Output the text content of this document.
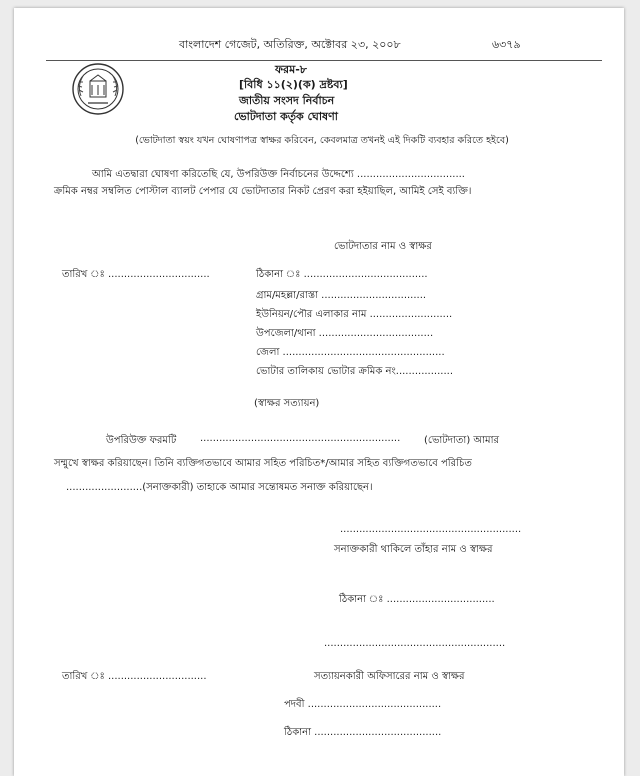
বাংলাদেশ গেজেট, অতিরিক্ত, অক্টোবর ২৩, ২০০৮	৬৩৭৯
ফরম-৮
[বিধি ১১(২)(ক) দ্রষ্টব্য]
জাতীয় সংসদ নির্বাচন
ভোটদাতা কর্তৃক ঘোষণা
(ভোটদাতা স্বয়ং যখন ঘোষণাপত্র স্বাক্ষর করিবেন, কেবলমাত্র তখনই এই দিকটি ব্যবহার করিতে হইবে)
আমি এতদ্বারা ঘোষণা করিতেছি যে, উপরিউক্ত নির্বাচনের উদ্দেশ্যে ..................................
ক্রমিক নম্বর সম্বলিত পোস্টাল ব্যালট পেপার যে ভোটদাতার নিকট প্রেরণ করা হইয়াছিল, আমিই সেই ব্যক্তি।
ভোটদাতার নাম ও স্বাক্ষর
তারিখ ঃ ................................	ঠিকানা ঃ .......................................
গ্রাম/মহল্লা/রাস্তা .................................
ইউনিয়ন/পৌর এলাকার নাম ..........................
উপজেলা/থানা ....................................
জেলা ...................................................
ভোটার তালিকায় ভোটার ক্রমিক নং..................
(স্বাক্ষর সত্যায়ন)
উপরিউক্ত ফরমটি ............................................................... (ভোটদাতা) আমার
সম্মুখে স্বাক্ষর করিয়াছেন। তিনি ব্যক্তিগতভাবে আমার সহিত পরিচিত*/আমার সহিত ব্যক্তিগতভাবে পরিচিত
........................(সনাক্তকারী) তাহাকে আমার সন্তোষমত সনাক্ত করিয়াছেন।
.........................................................
সনাক্তকারী থাকিলে তাঁহার নাম ও স্বাক্ষর
ঠিকানা ঃ ..................................
.........................................................
তারিখ ঃ ...............................	সত্যায়নকারী অফিসারের নাম ও স্বাক্ষর
পদবী ..........................................
ঠিকানা ........................................
